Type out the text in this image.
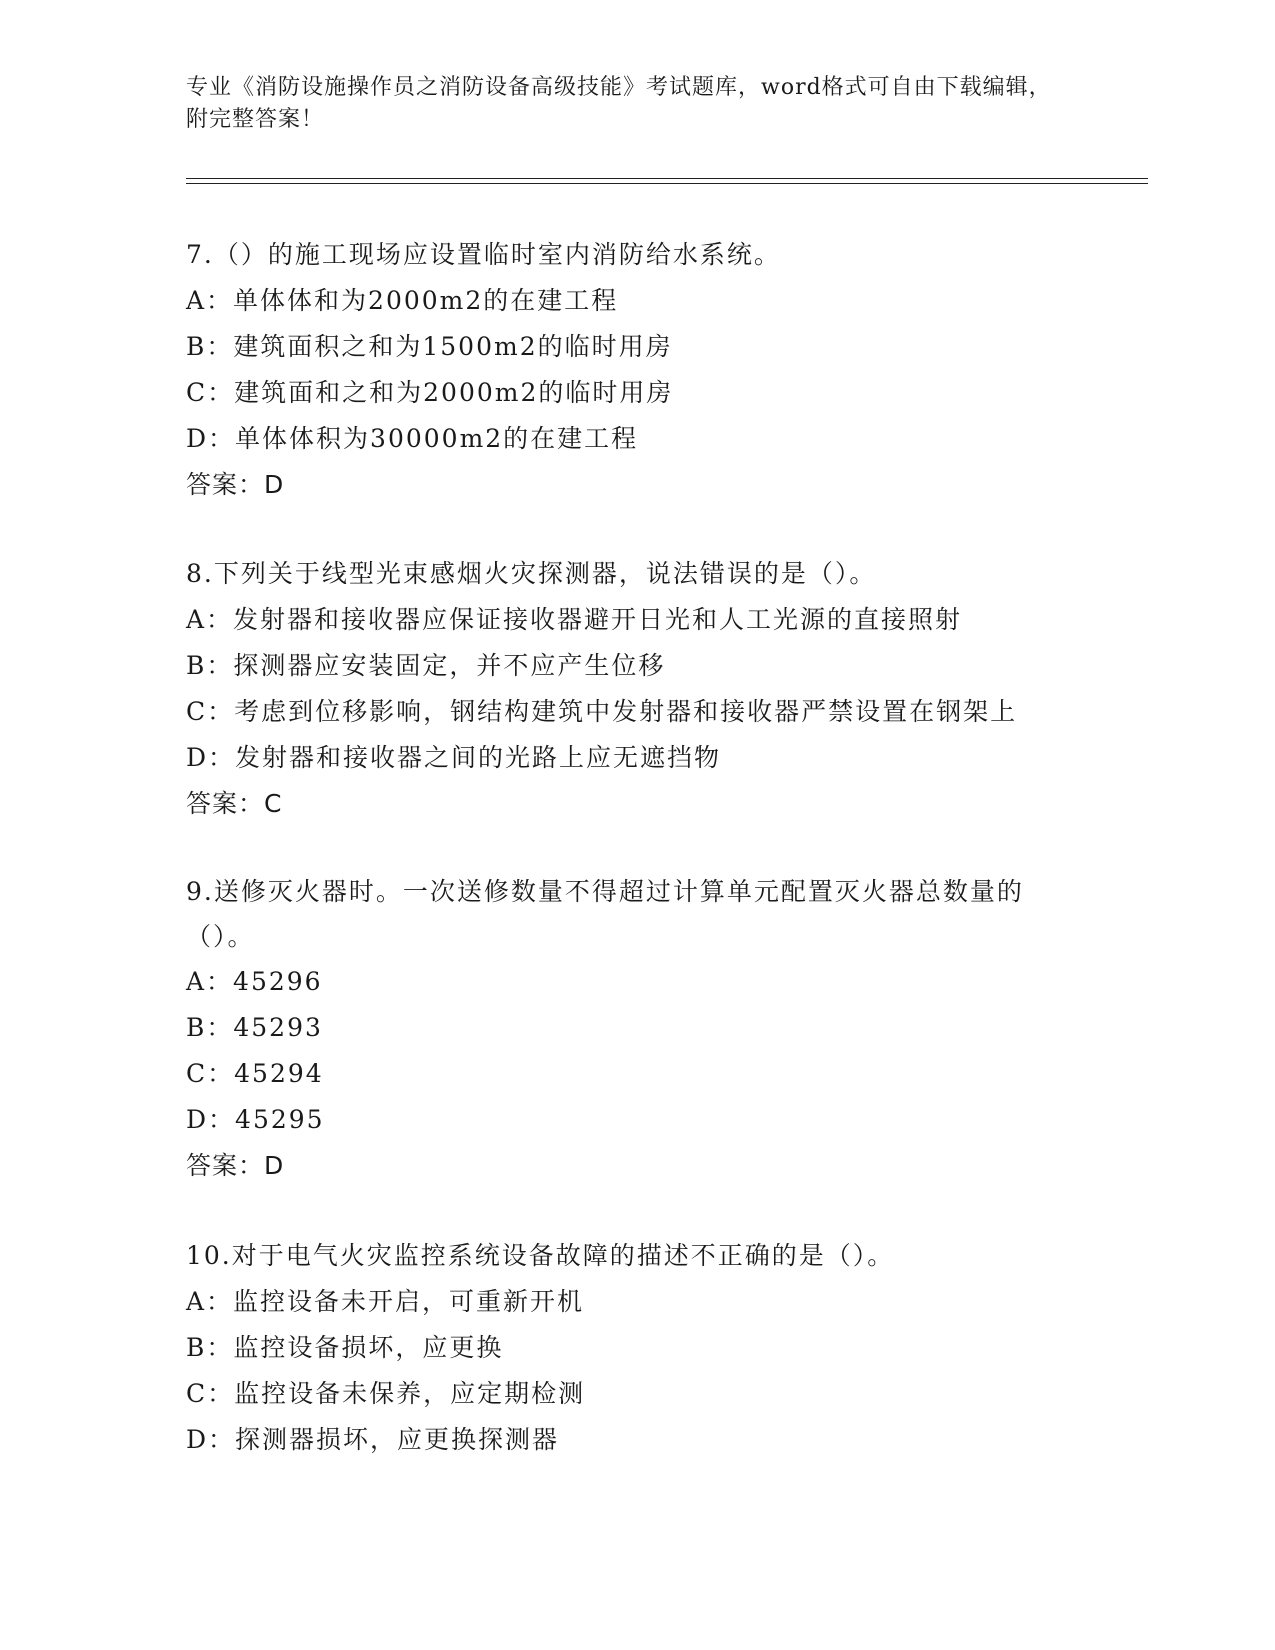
专业《消防设施操作员之消防设备高级技能》考试题库，word格式可自由下载编辑，附完整答案！
7.（）的施工现场应设置临时室内消防给水系统。
A：单体体和为2000m2的在建工程
B：建筑面积之和为1500m2的临时用房
C：建筑面和之和为2000m2的临时用房
D：单体体积为30000m2的在建工程
答案：D
8.下列关于线型光束感烟火灾探测器，说法错误的是（）。
A：发射器和接收器应保证接收器避开日光和人工光源的直接照射
B：探测器应安装固定，并不应产生位移
C：考虑到位移影响，钢结构建筑中发射器和接收器严禁设置在钢架上
D：发射器和接收器之间的光路上应无遮挡物
答案：C
9.送修灭火器时。一次送修数量不得超过计算单元配置灭火器总数量的（）。
A：45296
B：45293
C：45294
D：45295
答案：D
10.对于电气火灾监控系统设备故障的描述不正确的是（）。
A：监控设备未开启，可重新开机
B：监控设备损坏，应更换
C：监控设备未保养，应定期检测
D：探测器损坏，应更换探测器
